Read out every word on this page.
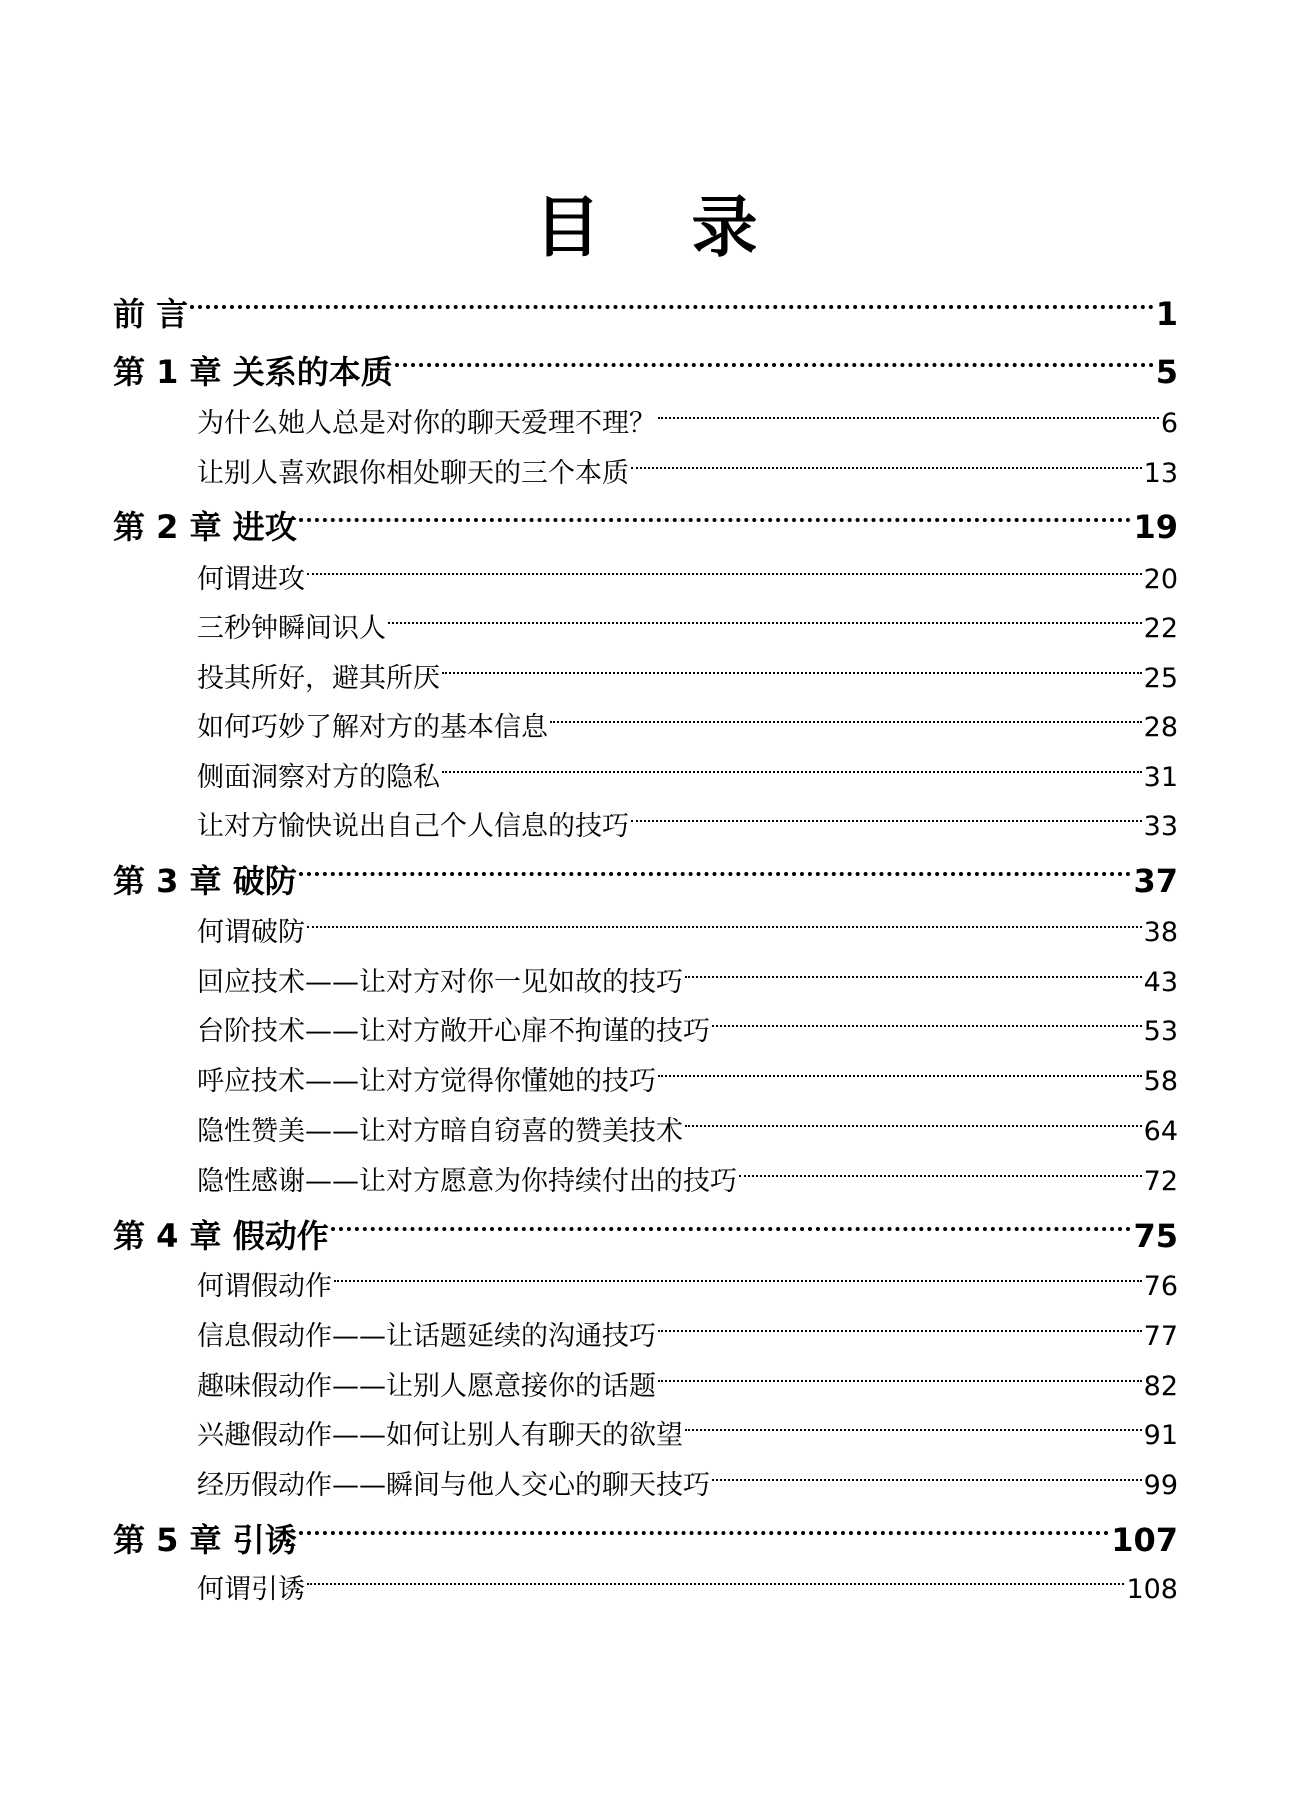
目 录
前 言	1
第 1 章 关系的本质	5
为什么她人总是对你的聊天爱理不理？	6
让别人喜欢跟你相处聊天的三个本质	13
第 2 章 进攻	19
何谓进攻	20
三秒钟瞬间识人	22
投其所好，避其所厌	25
如何巧妙了解对方的基本信息	28
侧面洞察对方的隐私	31
让对方愉快说出自己个人信息的技巧	33
第 3 章 破防	37
何谓破防	38
回应技术——让对方对你一见如故的技巧	43
台阶技术——让对方敞开心扉不拘谨的技巧	53
呼应技术——让对方觉得你懂她的技巧	58
隐性赞美——让对方暗自窃喜的赞美技术	64
隐性感谢——让对方愿意为你持续付出的技巧	72
第 4 章 假动作	75
何谓假动作	76
信息假动作——让话题延续的沟通技巧	77
趣味假动作——让别人愿意接你的话题	82
兴趣假动作——如何让别人有聊天的欲望	91
经历假动作——瞬间与他人交心的聊天技巧	99
第 5 章 引诱	107
何谓引诱	108
